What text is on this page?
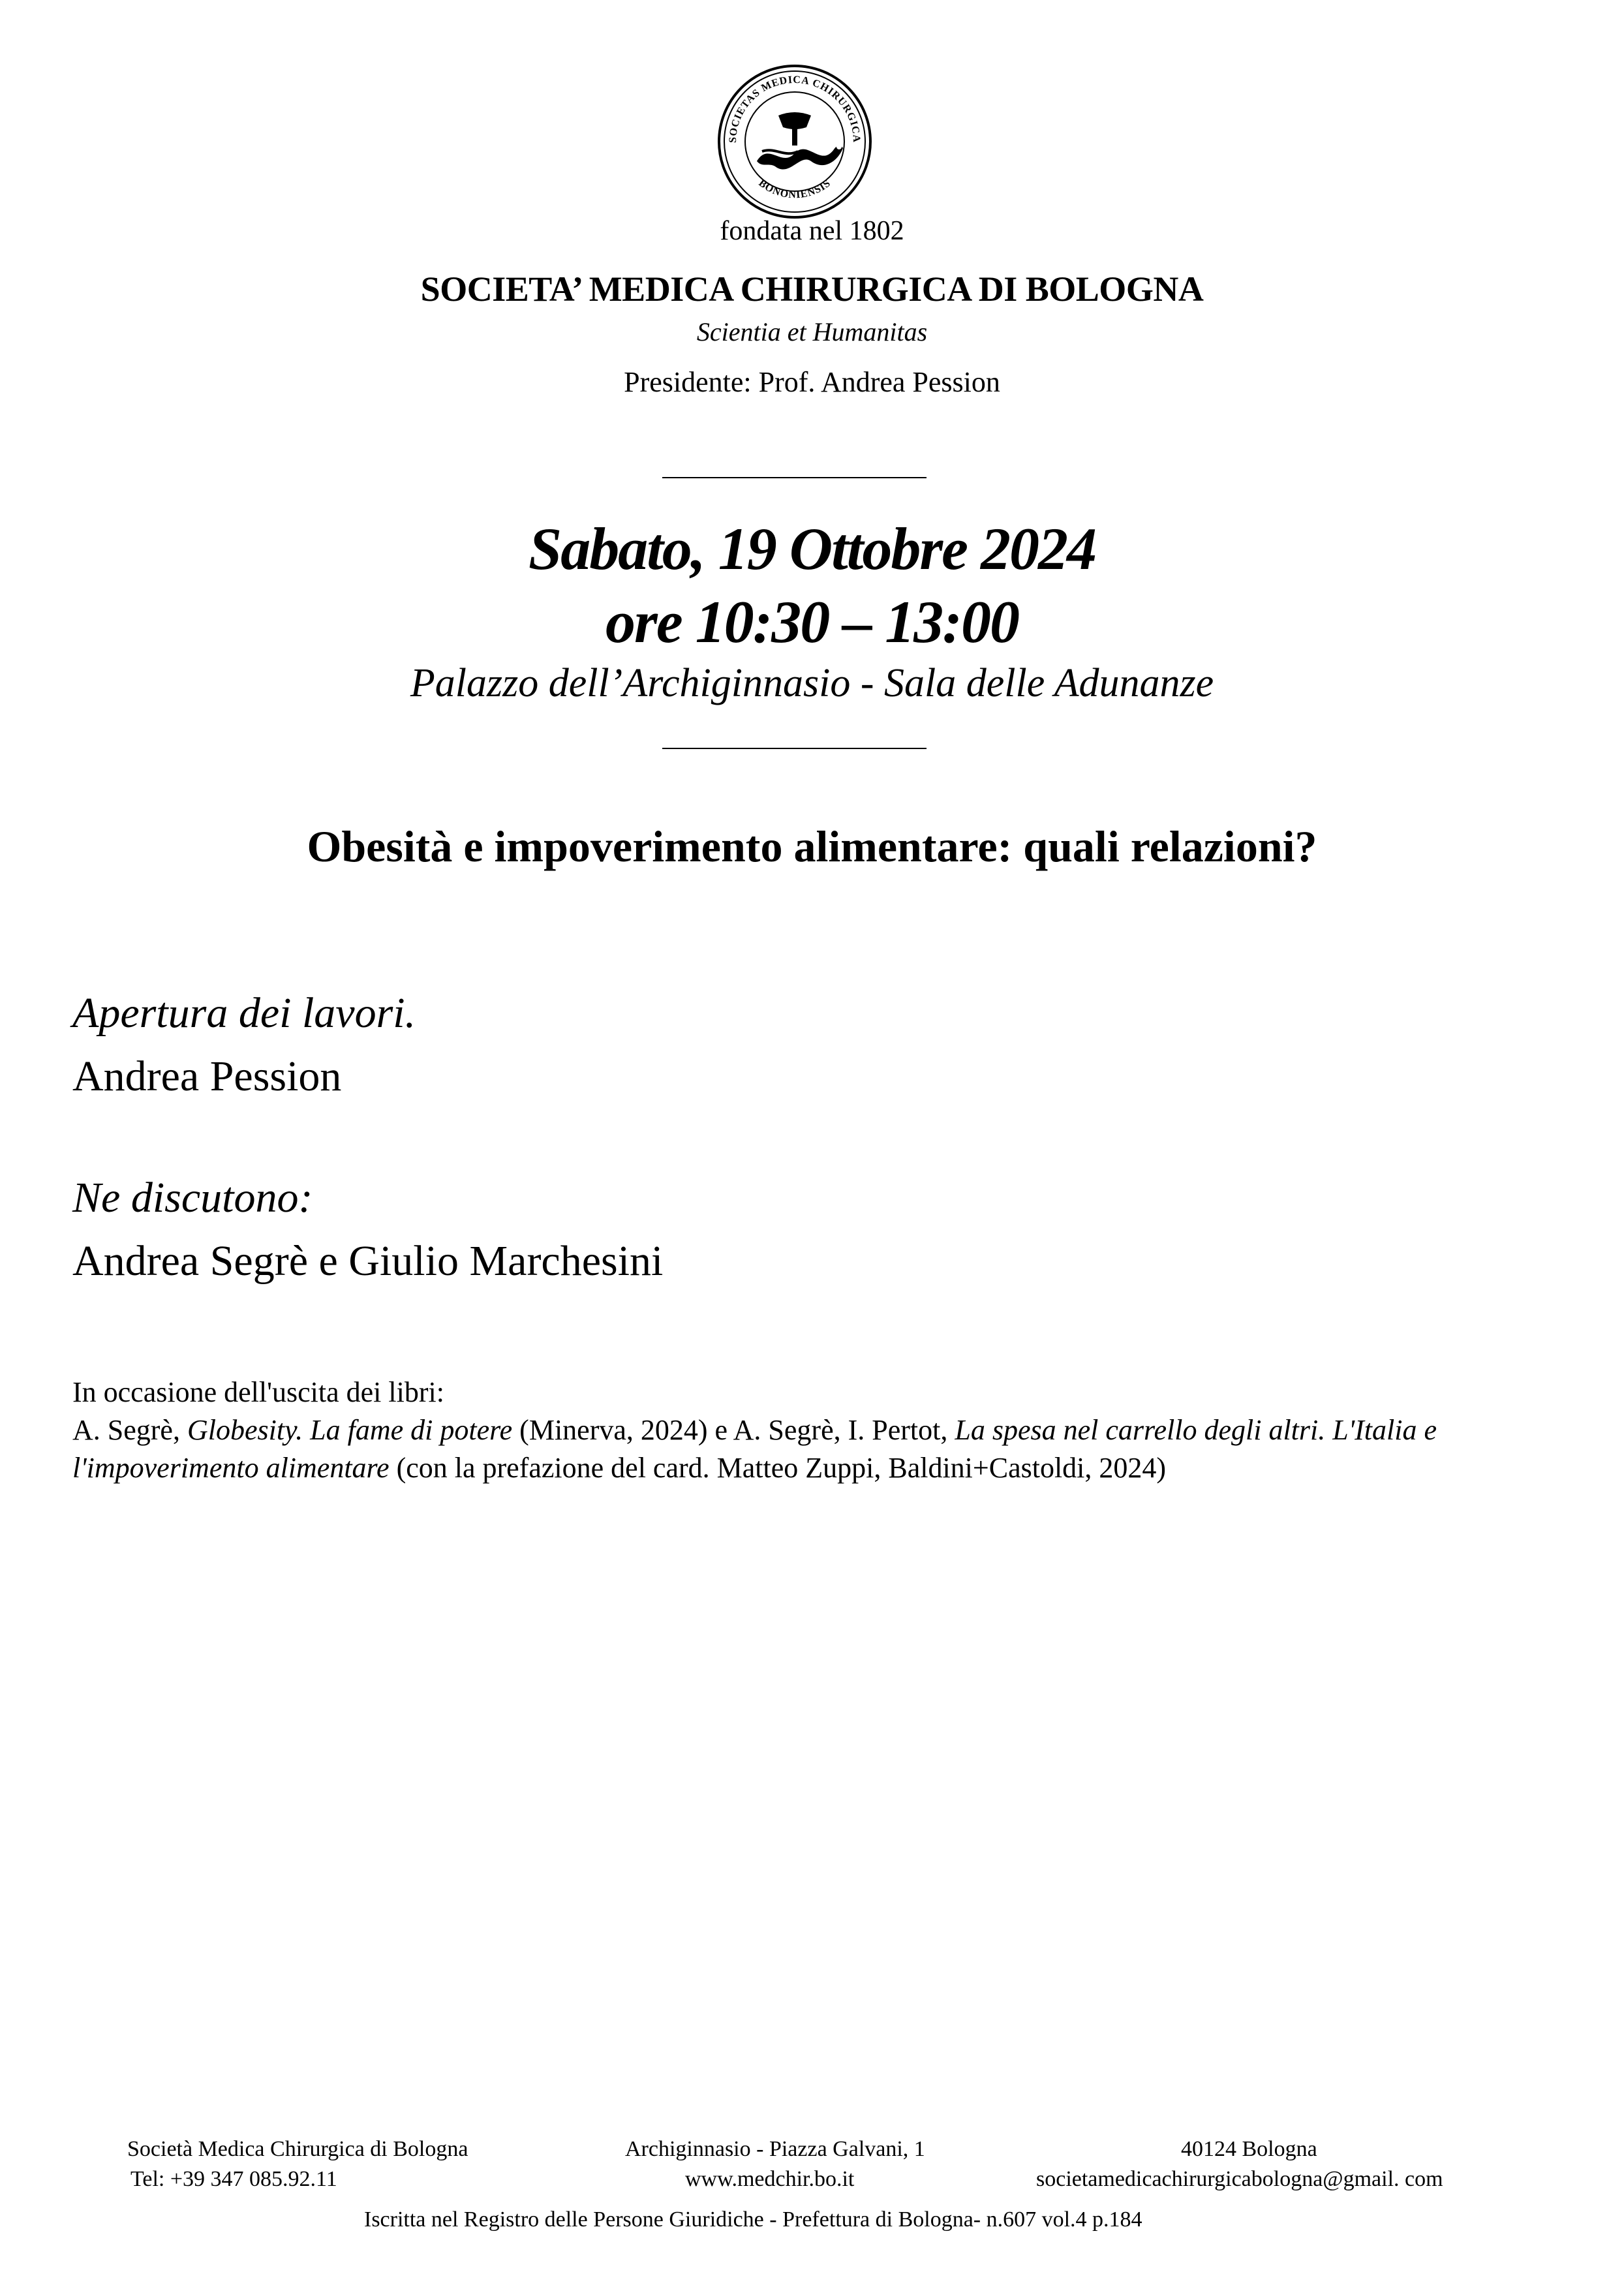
SOCIETAS MEDICA CHIRURGICA
BONONIENSIS
fondata nel 1802
SOCIETA’ MEDICA CHIRURGICA DI BOLOGNA
Scientia et Humanitas
Presidente: Prof. Andrea Pession
Sabato, 19 Ottobre 2024
ore 10:30 – 13:00
Palazzo dell’Archiginnasio - Sala delle Adunanze
Obesità e impoverimento alimentare: quali relazioni?
Apertura dei lavori.
Andrea Pession
Ne discutono:
Andrea Segrè e Giulio Marchesini

In occasione dell'uscita dei libri:

A. Segrè, Globesity. La fame di potere (Minerva, 2024) e A. Segrè, I. Pertot, La spesa nel carrello degli altri. L'Italia e l'impoverimento alimentare (con la prefazione del card. Matteo Zuppi, Baldini+Castoldi, 2024)

Società Medica Chirurgica di Bologna	Archiginnasio - Piazza Galvani, 1	40124 Bologna
Tel: +39 347 085.92.11	www.medchir.bo.it	societamedicachirurgicabologna@gmail. com
Iscritta nel Registro delle Persone Giuridiche - Prefettura di Bologna- n.607 vol.4 p.184
